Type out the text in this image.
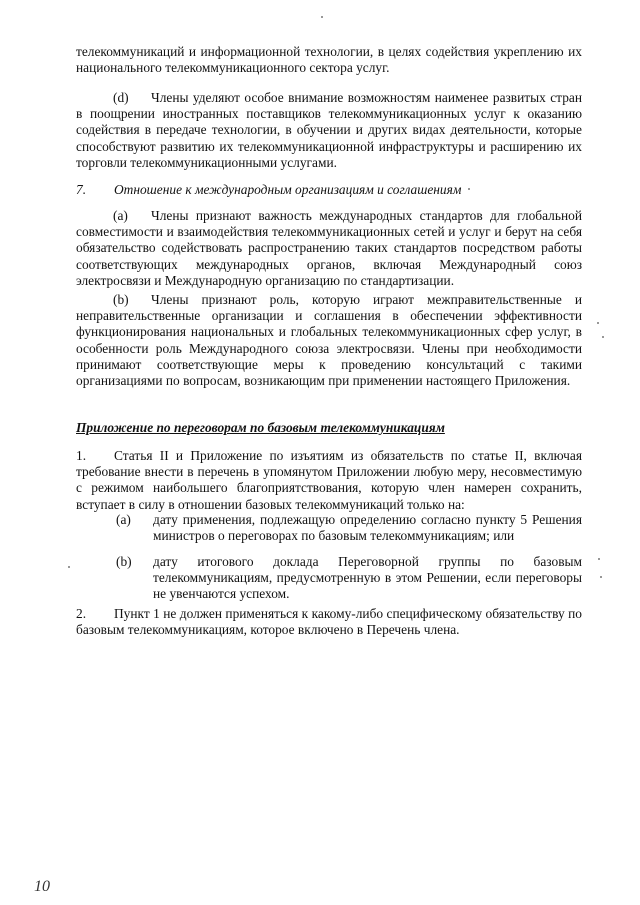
телекоммуникаций и информационной технологии, в целях содействия укреплению их национального телекоммуникационного сектора услуг.

(d) Члены уделяют особое внимание возможностям наименее развитых стран в поощрении иностранных поставщиков телекоммуникационных услуг к оказанию содействия в передаче технологии, в обучении и других видах деятельности, которые способствуют развитию их телекоммуникационной инфраструктуры и расширению их торговли телекоммуникационными услугами.

7. Отношение к международным организациям и соглашениям

(a) Члены признают важность международных стандартов для глобальной совместимости и взаимодействия телекоммуникационных сетей и услуг и берут на себя обязательство содействовать распространению таких стандартов посредством работы соответствующих международных органов, включая Международный союз электросвязи и Международную организацию по стандартизации.

(b) Члены признают роль, которую играют межправительственные и неправительственные организации и соглашения в обеспечении эффективности функционирования национальных и глобальных телекоммуникационных сфер услуг, в особенности роль Международного союза электросвязи. Члены при необходимости принимают соответствующие меры к проведению консультаций с такими организациями по вопросам, возникающим при применении настоящего Приложения.

Приложение по переговорам по базовым телекоммуникациям

1. Статья II и Приложение по изъятиям из обязательств по статье II, включая требование внести в перечень в упомянутом Приложении любую меру, несовместимую с режимом наибольшего благоприятствования, которую член намерен сохранить, вступает в силу в отношении базовых телекоммуникаций только на:

(a) дату применения, подлежащую определению согласно пункту 5 Решения министров о переговорах по базовым телекоммуникациям; или
(b) дату итогового доклада Переговорной группы по базовым телекоммуникациям, предусмотренную в этом Решении, если переговоры не увенчаются успехом.

2. Пункт 1 не должен применяться к какому-либо специфическому обязательству по базовым телекоммуникациям, которое включено в Перечень члена.

10
